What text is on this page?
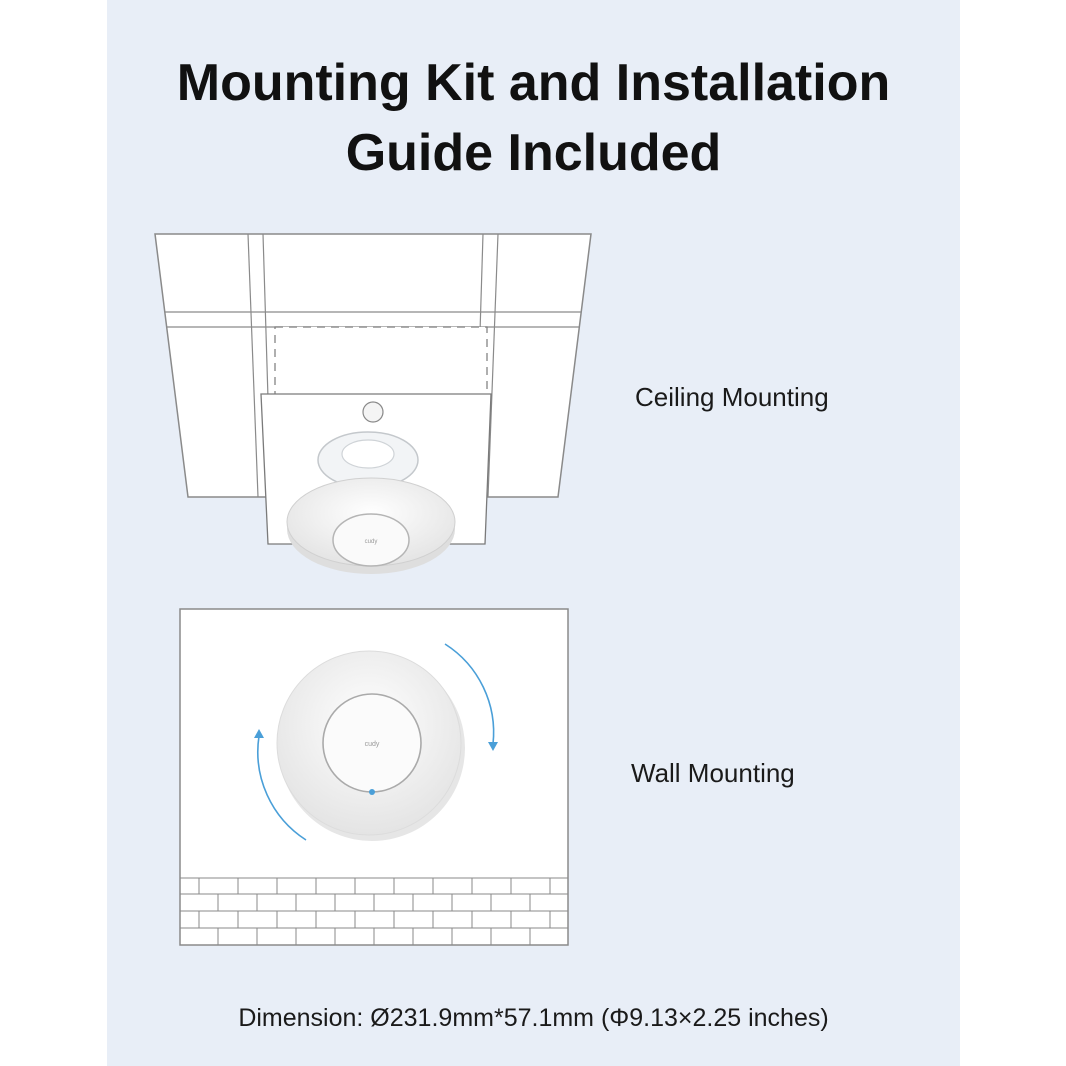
Mounting Kit and Installation
Guide Included
cudy
Ceiling Mounting
cudy
Wall Mounting
Dimension: Ø231.9mm*57.1mm (Φ9.13×2.25 inches)
